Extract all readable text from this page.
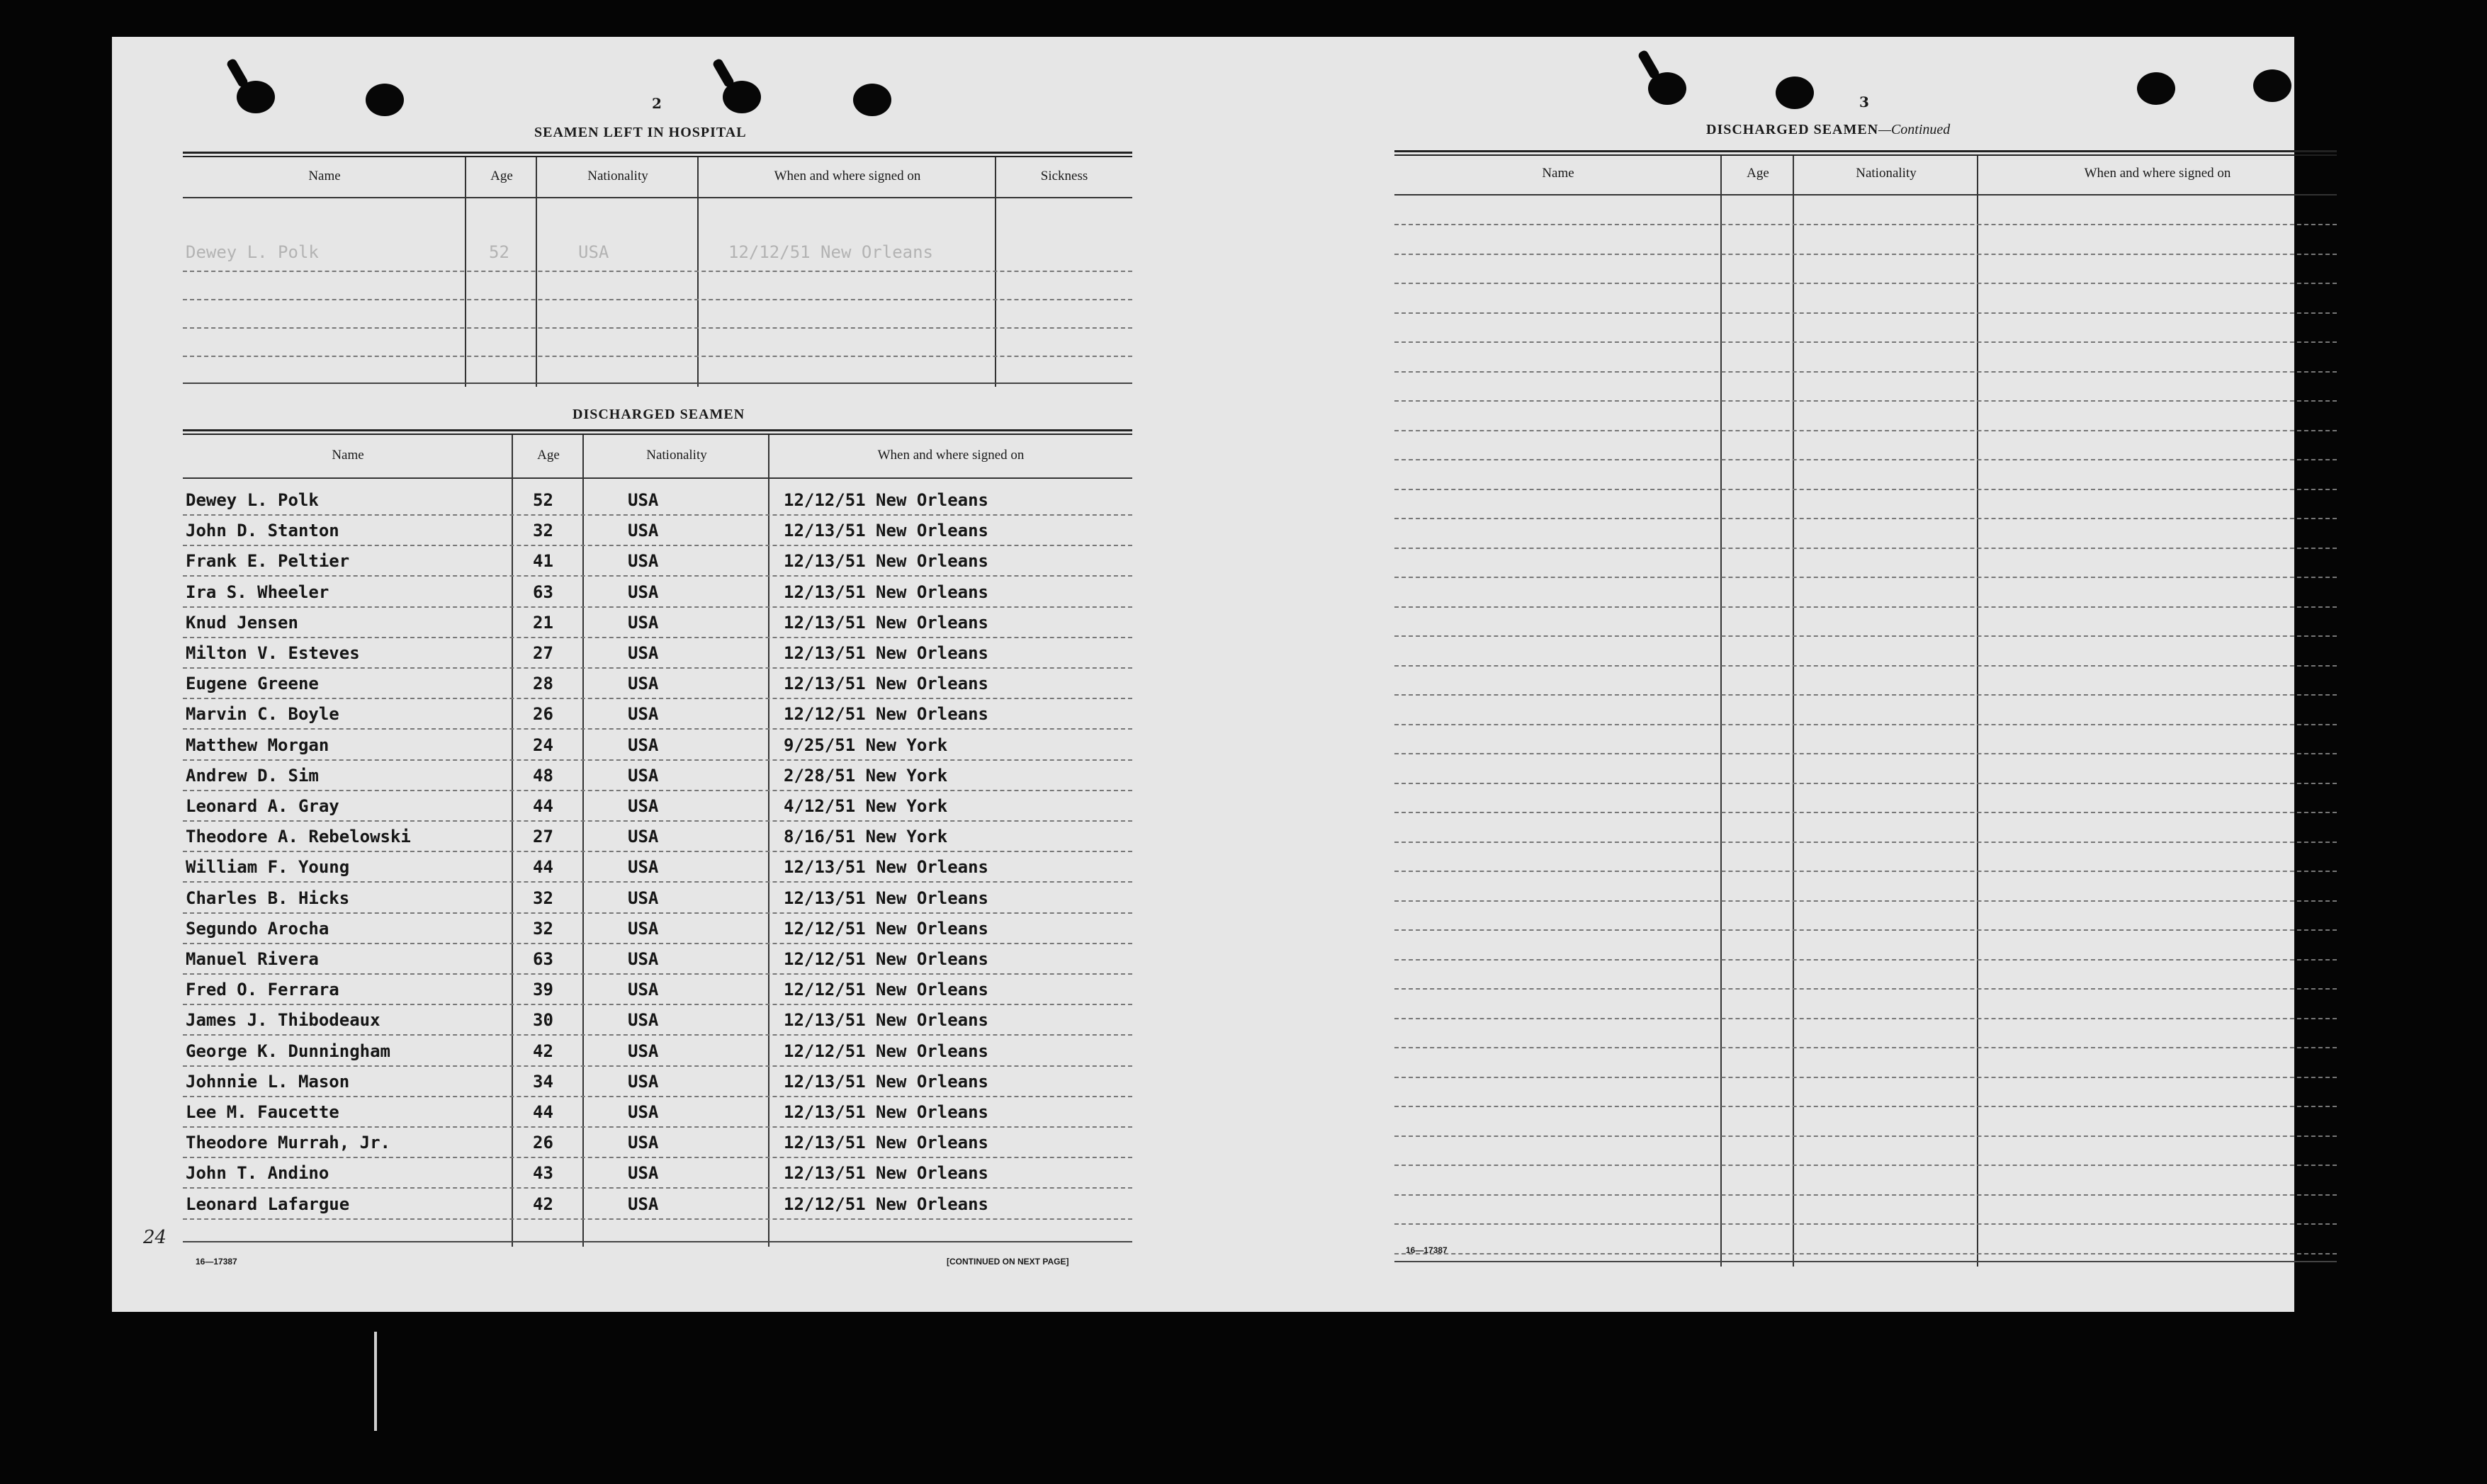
2
SEAMEN LEFT IN HOSPITAL
Name	Age	Nationality	When and where signed on	Sickness
Dewey L. Polk	52	USA	12/12/51 New Orleans
DISCHARGED SEAMEN
Name	Age	Nationality	When and where signed on
Dewey L. Polk	52	USA	12/12/51 New Orleans
John D. Stanton	32	USA	12/13/51 New Orleans
Frank E. Peltier	41	USA	12/13/51 New Orleans
Ira S. Wheeler	63	USA	12/13/51 New Orleans
Knud Jensen	21	USA	12/13/51 New Orleans
Milton V. Esteves	27	USA	12/13/51 New Orleans
Eugene Greene	28	USA	12/13/51 New Orleans
Marvin C. Boyle	26	USA	12/12/51 New Orleans
Matthew Morgan	24	USA	9/25/51 New York
Andrew D. Sim	48	USA	2/28/51 New York
Leonard A. Gray	44	USA	4/12/51 New York
Theodore A. Rebelowski	27	USA	8/16/51 New York
William F. Young	44	USA	12/13/51 New Orleans
Charles B. Hicks	32	USA	12/13/51 New Orleans
Segundo Arocha	32	USA	12/12/51 New Orleans
Manuel Rivera	63	USA	12/12/51 New Orleans
Fred O. Ferrara	39	USA	12/12/51 New Orleans
James J. Thibodeaux	30	USA	12/13/51 New Orleans
George K. Dunningham	42	USA	12/12/51 New Orleans
Johnnie L. Mason	34	USA	12/13/51 New Orleans
Lee M. Faucette	44	USA	12/13/51 New Orleans
Theodore Murrah, Jr.	26	USA	12/13/51 New Orleans
John T. Andino	43	USA	12/13/51 New Orleans
Leonard Lafargue	42	USA	12/12/51 New Orleans
24
16—17387	[CONTINUED ON NEXT PAGE]
3
DISCHARGED SEAMEN—Continued
Name	Age	Nationality	When and where signed on
16—17387
